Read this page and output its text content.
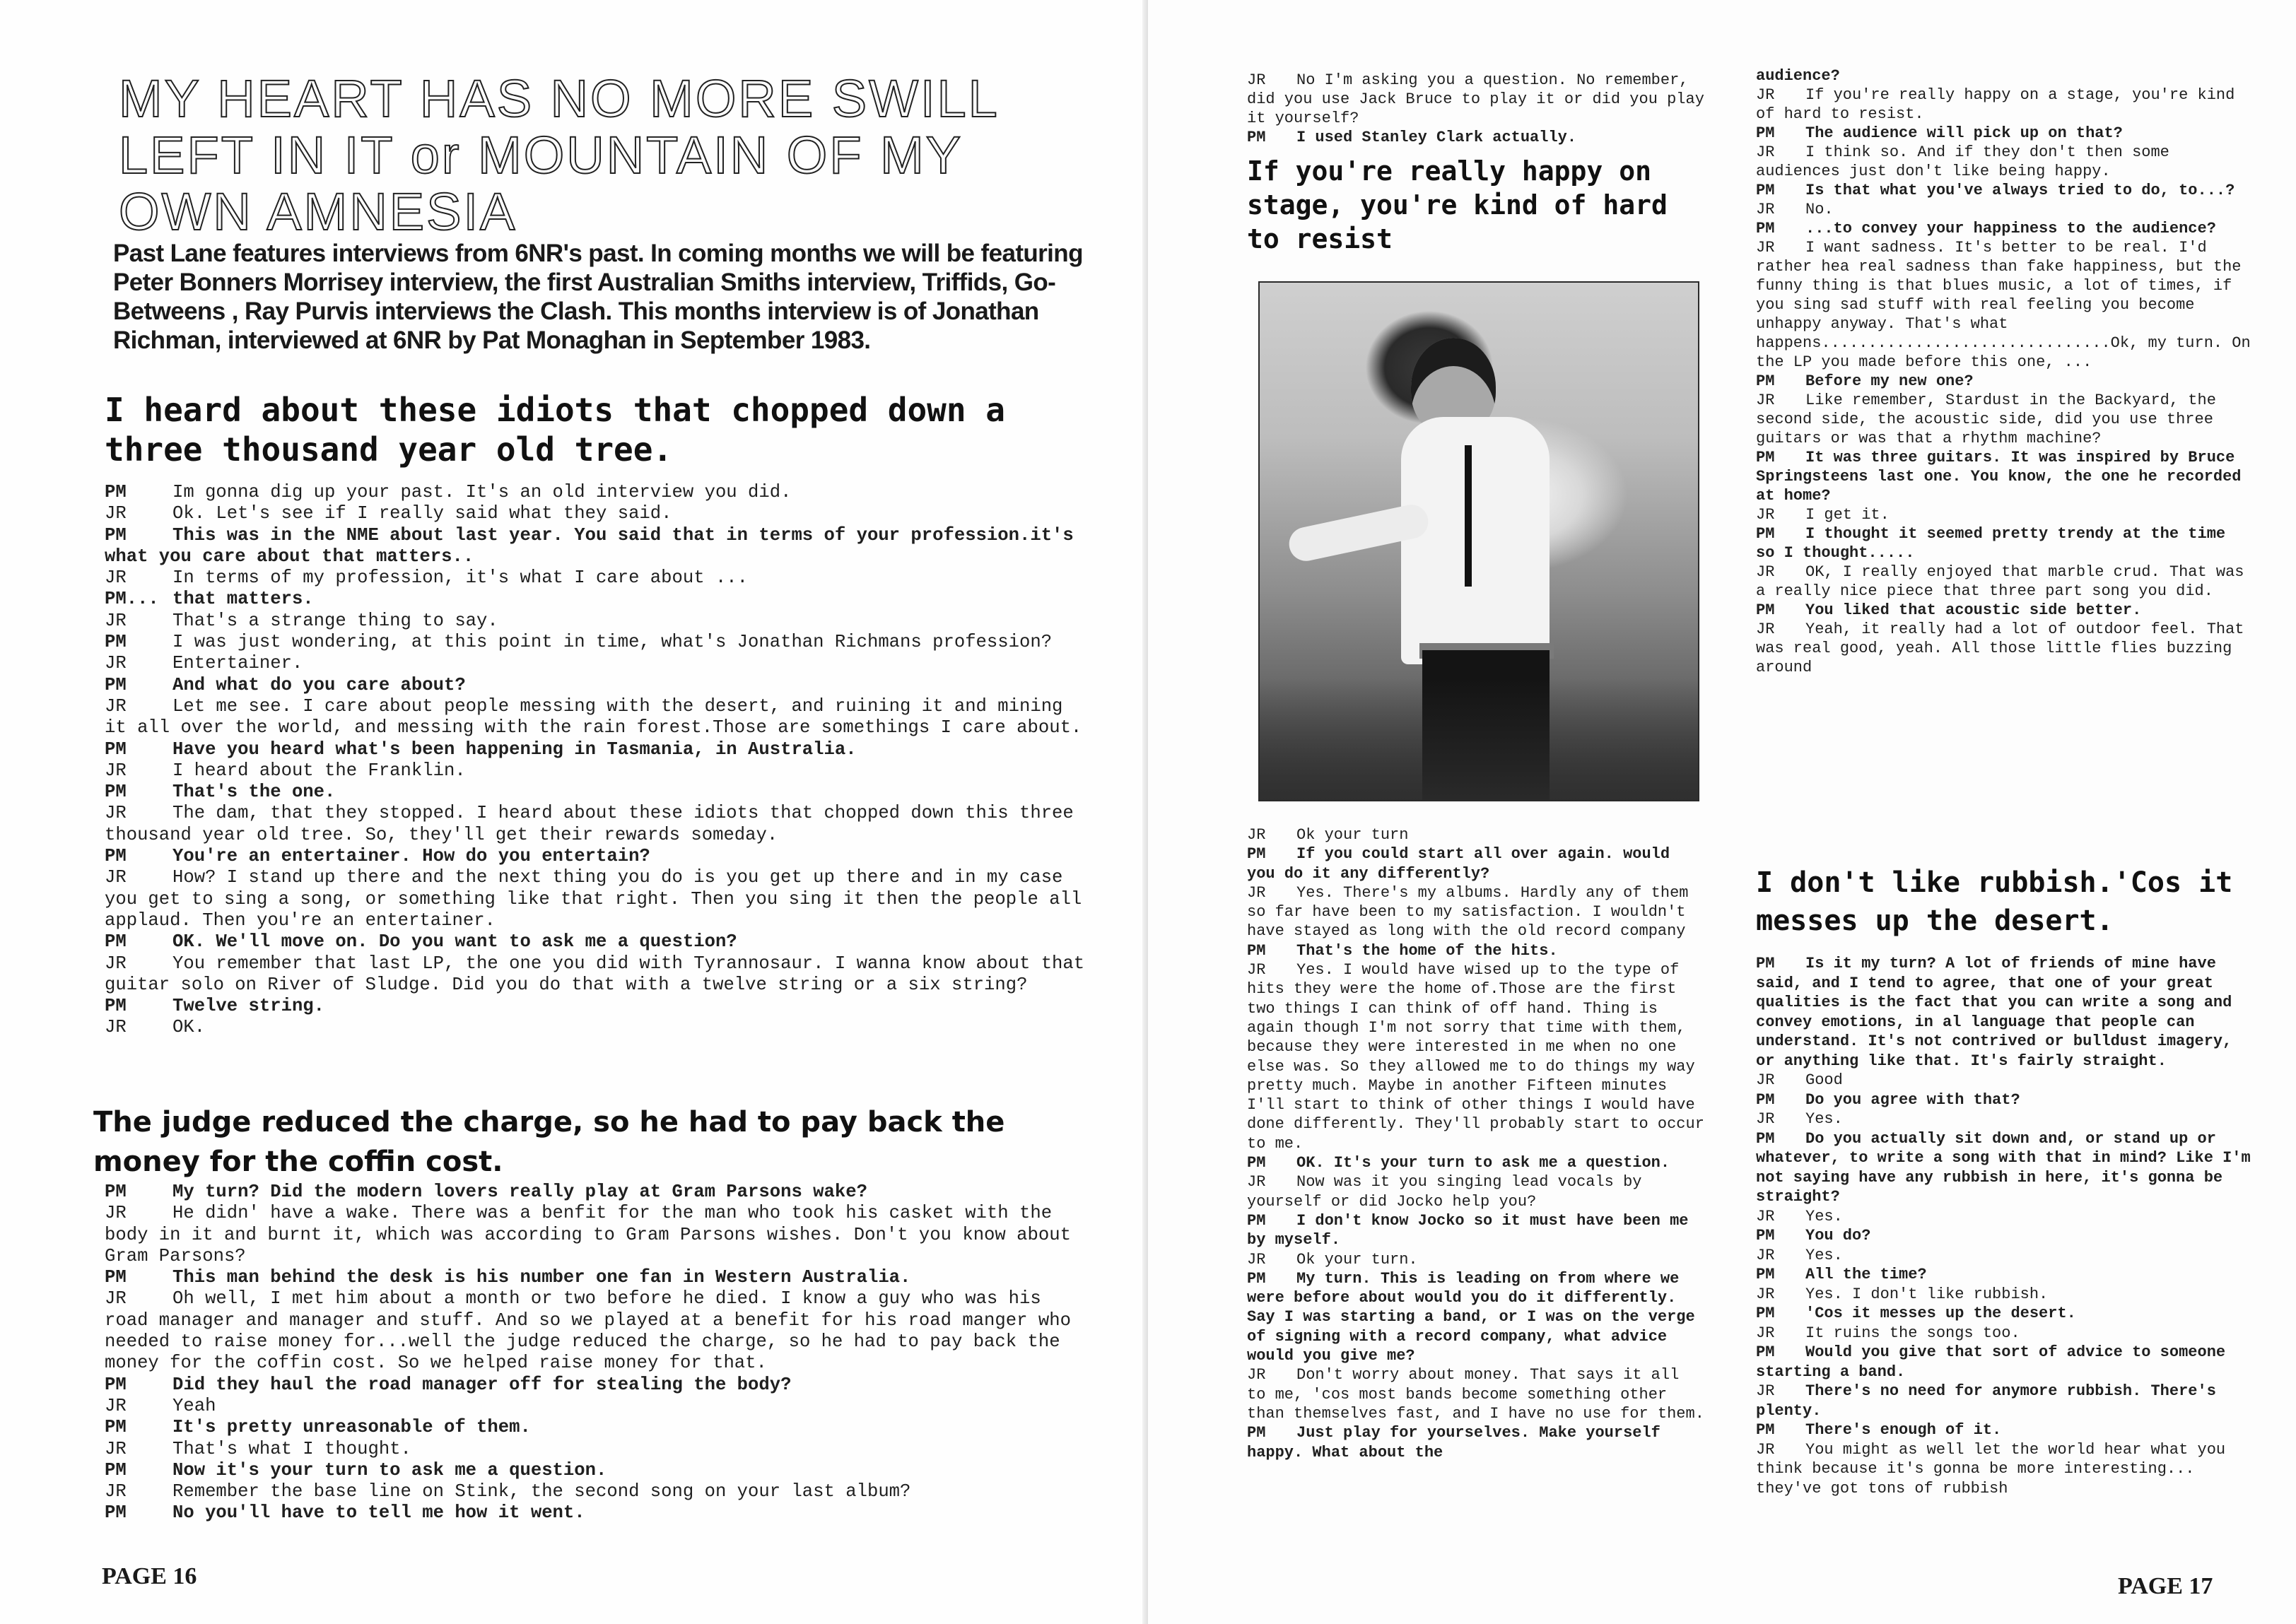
MY HEART HAS NO MORE SWILL LEFT IN IT or MOUNTAIN OF MY OWN AMNESIA
Past Lane features interviews from 6NR's past. In coming months we will be featuring Peter Bonners Morrisey interview, the first Australian Smiths interview, Triffids, Go-Betweens , Ray Purvis interviews the Clash. This months interview is of Jonathan Richman, interviewed at 6NR by Pat Monaghan in September 1983.
I heard about these idiots that chopped down a three thousand year old tree.
PM	Im gonna dig up your past. It's an old interview you did.
JR	Ok. Let's see if I really said what they said.
PM	This was in the NME about last year. You said that in terms of your profession.it's what you care about that matters..
JR	In terms of my profession, it's what I care about ...
PM... that matters.
JR	That's a strange thing to say.
PM	I was just wondering, at this point in time, what's Jonathan Richmans profession?
JR	Entertainer.
PM	And what do you care about?
JR	Let me see. I care about people messing with the desert, and ruining it and mining it all over the world, and messing with the rain forest.Those are somethings I care about.
PM	Have you heard what's been happening in Tasmania, in Australia.
JR	I heard about the Franklin.
PM	That's the one.
JR	The dam, that they stopped. I heard about these idiots that chopped down this three thousand year old tree. So, they'll get their rewards someday.
PM	You're an entertainer. How do you entertain?
JR	How? I stand up there and the next thing you do is you get up there and in my case you get to sing a song, or something like that right. Then you sing it then the people all applaud. Then you're an entertainer.
PM	OK. We'll move on. Do you want to ask me a question?
JR	You remember that last LP, the one you did with Tyrannosaur. I wanna know about that guitar solo on River of Sludge. Did you do that with a twelve string or a six string?
PM	Twelve string.
JR	OK.
The judge reduced the charge, so he had to pay back the money for the coffin cost.
PM	My turn? Did the modern lovers really play at Gram Parsons wake?
JR	He didn' have a wake. There was a benfit for the man who took his casket with the body in it and burnt it, which was according to Gram Parsons wishes. Don't you know about Gram Parsons?
PM	This man behind the desk is his number one fan in Western Australia.
JR	Oh well, I met him about a month or two before he died. I know a guy who was his road manager and manager and stuff. And so we played at a benefit for his road manger who needed to raise money for...well the judge reduced the charge, so he had to pay back the money for the coffin cost. So we helped raise money for that.
PM	Did they haul the road manager off for stealing the body?
JR	Yeah
PM	It's pretty unreasonable of them.
JR	That's what I thought.
PM	Now it's your turn to ask me a question.
JR	Remember the base line on Stink, the second song on your last album?
PM	No you'll have to tell me how it went.
PAGE 16
JR No I'm asking you a question. No remember, did you use Jack Bruce to play it or did you play it yourself?
PM I used Stanley Clark actually.
If you're really happy on stage, you're kind of hard to resist
JR Ok your turn
PM If you could start all over again. would you do it any differently?
JR Yes. There's my albums. Hardly any of them so far have been to my satisfaction. I wouldn't have stayed as long with the old record company
PM That's the home of the hits.
JR Yes. I would have wised up to the type of hits they were the home of.Those are the first two things I can think of off hand. Thing is again though I'm not sorry that time with them, because they were interested in me when no one else was. So they allowed me to do things my way pretty much. Maybe in another Fifteen minutes I'll start to think of other things I would have done differently. They'll probably start to occur to me.
PM OK. It's your turn to ask me a question.
JR Now was it you singing lead vocals by yourself or did Jocko help you?
PM I don't know Jocko so it must have been me by myself.
JR Ok your turn.
PM My turn. This is leading on from where we were before about would you do it differently. Say I was starting a band, or I was on the verge of signing with a record company, what advice would you give me?
JR Don't worry about money. That says it all to me, 'cos most bands become something other than themselves fast, and I have no use for them.
PM Just play for yourselves. Make yourself happy. What about the
audience?
JR If you're really happy on a stage, you're kind of hard to resist.
PM The audience will pick up on that?
JR I think so. And if they don't then some audiences just don't like being happy.
PM Is that what you've always tried to do, to...?
JR No.
PM ...to convey your happiness to the audience?
JR I want sadness. It's better to be real. I'd rather hea real sadness than fake happiness, but the funny thing is that blues music, a lot of times, if you sing sad stuff with real feeling you become unhappy anyway. That's what happens...............................Ok, my turn. On the LP you made before this one, ...
PM Before my new one?
JR Like remember, Stardust in the Backyard, the second side, the acoustic side, did you use three guitars or was that a rhythm machine?
PM It was three guitars. It was inspired by Bruce Springsteens last one. You know, the one he recorded at home?
JR I get it.
PM I thought it seemed pretty trendy at the time so I thought.....
JR OK, I really enjoyed that marble crud. That was a really nice piece that three part song you did.
PM You liked that acoustic side better.
JR Yeah, it really had a lot of outdoor feel. That was real good, yeah. All those little flies buzzing around
I don't like rubbish.'Cos it messes up the desert.
PM Is it my turn? A lot of friends of mine have said, and I tend to agree, that one of your great qualities is the fact that you can write a song and convey emotions, in al language that people can understand. It's not contrived or bulldust imagery, or anything like that. It's fairly straight.
JR Good
PM Do you agree with that?
JR Yes.
PM Do you actually sit down and, or stand up or whatever, to write a song with that in mind? Like I'm not saying have any rubbish in here, it's gonna be straight?
JR Yes.
PM You do?
JR Yes.
PM All the time?
JR Yes. I don't like rubbish.
PM 'Cos it messes up the desert.
JR It ruins the songs too.
PM Would you give that sort of advice to someone starting a band.
JR There's no need for anymore rubbish. There's plenty.
PM There's enough of it.
JR You might as well let the world hear what you think because it's gonna be more interesting... they've got tons of rubbish
PAGE 17
